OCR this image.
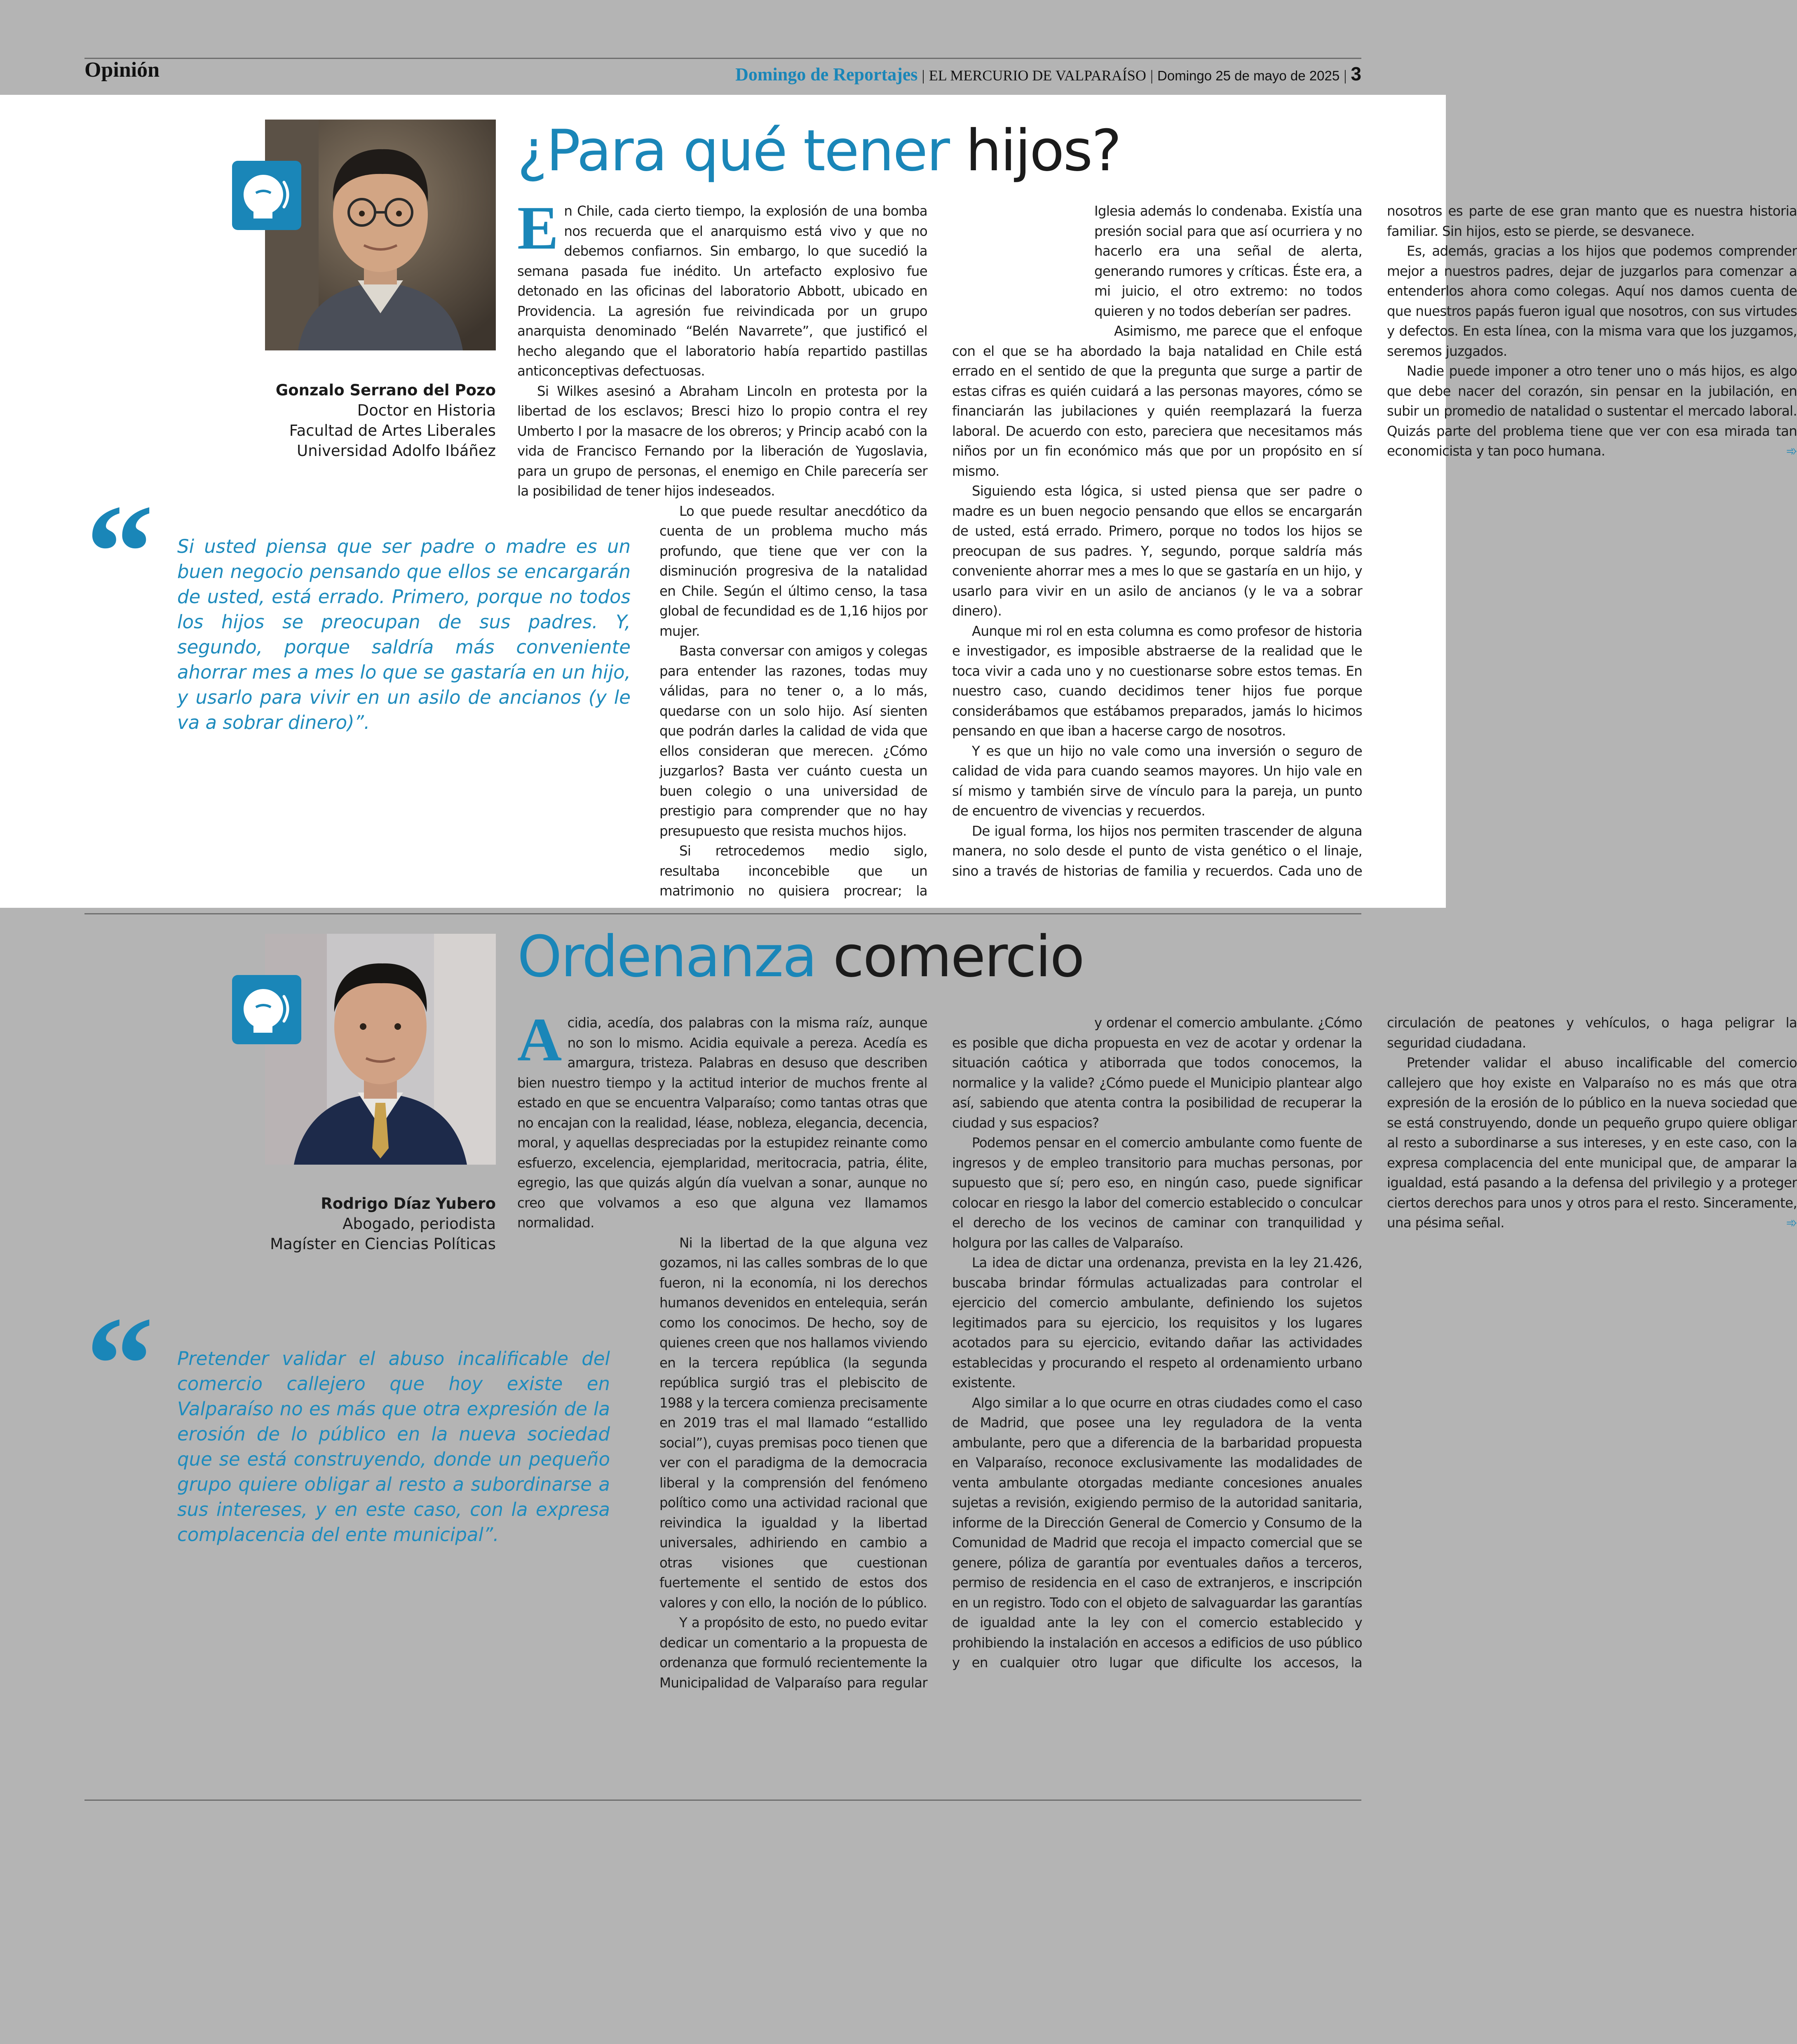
Opinión	Domingo de Reportajes | EL MERCURIO DE VALPARAÍSO | Domingo 25 de mayo de 2025 | 3
¿Para qué tener hijos?
Gonzalo Serrano del Pozo
Doctor en Historia
Facultad de Artes Liberales
Universidad Adolfo Ibáñez
“ Si usted piensa que ser padre o madre es un buen negocio pensando que ellos se encargarán de usted, está errado. Primero, porque no todos los hijos se preocupan de sus padres. Y, segundo, porque saldría más conveniente ahorrar mes a mes lo que se gastaría en un hijo, y usarlo para vivir en un asilo de ancianos (y le va a sobrar dinero)”.

En Chile, cada cierto tiempo, la explosión de una bomba nos recuerda que el anarquismo está vivo y que no debemos confiarnos. Sin embargo, lo que sucedió la semana pasada fue inédito. Un artefacto explosivo fue detonado en las oficinas del laboratorio Abbott, ubicado en Providencia. La agresión fue reivindicada por un grupo anarquista denominado “Belén Navarrete”, que justificó el hecho alegando que el laboratorio había repartido pastillas anticonceptivas defectuosas.

Si Wilkes asesinó a Abraham Lincoln en protesta por la libertad de los esclavos; Bresci hizo lo propio contra el rey Umberto I por la masacre de los obreros; y Princip acabó con la vida de Francisco Fernando por la liberación de Yugoslavia, para un grupo de personas, el enemigo en Chile parecería ser la posibilidad de tener hijos indeseados.

Lo que puede resultar anecdótico da cuenta de un problema mucho más profundo, que tiene que ver con la disminución progresiva de la natalidad en Chile. Según el último censo, la tasa global de fecundidad es de 1,16 hijos por mujer.

Basta conversar con amigos y colegas para entender las razones, todas muy válidas, para no tener o, a lo más, quedarse con un solo hijo. Así sienten que podrán darles la calidad de vida que ellos consideran que merecen. ¿Cómo juzgarlos? Basta ver cuánto cuesta un buen colegio o una universidad de prestigio para comprender que no hay presupuesto que resista muchos hijos.

Si retrocedemos medio siglo, resultaba inconcebible que un matrimonio no quisiera procrear; la Iglesia además lo condenaba. Existía una presión social para que así ocurriera y no hacerlo era una señal de alerta, generando rumores y críticas. Éste era, a mi juicio, el otro extremo: no todos quieren y no todos deberían ser padres.

Asimismo, me parece que el enfoque con el que se ha abordado la baja natalidad en Chile está errado en el sentido de que la pregunta que surge a partir de estas cifras es quién cuidará a las personas mayores, cómo se financiarán las jubilaciones y quién reemplazará la fuerza laboral. De acuerdo con esto, pareciera que necesitamos más niños por un fin económico más que por un propósito en sí mismo.

Siguiendo esta lógica, si usted piensa que ser padre o madre es un buen negocio pensando que ellos se encargarán de usted, está errado. Primero, porque no todos los hijos se preocupan de sus padres. Y, segundo, porque saldría más conveniente ahorrar mes a mes lo que se gastaría en un hijo, y usarlo para vivir en un asilo de ancianos (y le va a sobrar dinero).

Aunque mi rol en esta columna es como profesor de historia e investigador, es imposible abstraerse de la realidad que le toca vivir a cada uno y no cuestionarse sobre estos temas. En nuestro caso, cuando decidimos tener hijos fue porque considerábamos que estábamos preparados, jamás lo hicimos pensando en que iban a hacerse cargo de nosotros.

Y es que un hijo no vale como una inversión o seguro de calidad de vida para cuando seamos mayores. Un hijo vale en sí mismo y también sirve de vínculo para la pareja, un punto de encuentro de vivencias y recuerdos.

De igual forma, los hijos nos permiten trascender de alguna manera, no solo desde el punto de vista genético o el linaje, sino a través de historias de familia y recuerdos. Cada uno de nosotros es parte de ese gran manto que es nuestra historia familiar. Sin hijos, esto se pierde, se desvanece.

Es, además, gracias a los hijos que podemos comprender mejor a nuestros padres, dejar de juzgarlos para comenzar a entenderlos ahora como colegas. Aquí nos damos cuenta de que nuestros papás fueron igual que nosotros, con sus virtudes y defectos. En esta línea, con la misma vara que los juzgamos, seremos juzgados.

Nadie puede imponer a otro tener uno o más hijos, es algo que debe nacer del corazón, sin pensar en la jubilación, en subir un promedio de natalidad o sustentar el mercado laboral. Quizás parte del problema tiene que ver con esa mirada tan economicista y tan poco humana.	➾

Ordenanza comercio
Rodrigo Díaz Yubero
Abogado, periodista
Magíster en Ciencias Políticas
“ Pretender validar el abuso incalificable del comercio callejero que hoy existe en Valparaíso no es más que otra expresión de la erosión de lo público en la nueva sociedad que se está construyendo, donde un pequeño grupo quiere obligar al resto a subordinarse a sus intereses, y en este caso, con la expresa complacencia del ente municipal”.

Acidia, acedía, dos palabras con la misma raíz, aunque no son lo mismo. Acidia equivale a pereza. Acedía es amargura, tristeza. Palabras en desuso que describen bien nuestro tiempo y la actitud interior de muchos frente al estado en que se encuentra Valparaíso; como tantas otras que no encajan con la realidad, léase, nobleza, elegancia, decencia, moral, y aquellas despreciadas por la estupidez reinante como esfuerzo, excelencia, ejemplaridad, meritocracia, patria, élite, egregio, las que quizás algún día vuelvan a sonar, aunque no creo que volvamos a eso que alguna vez llamamos normalidad.

Ni la libertad de la que alguna vez gozamos, ni las calles sombras de lo que fueron, ni la economía, ni los derechos humanos devenidos en entelequia, serán como los conocimos. De hecho, soy de quienes creen que nos hallamos viviendo en la tercera república (la segunda república surgió tras el plebiscito de 1988 y la tercera comienza precisamente en 2019 tras el mal llamado “estallido social”), cuyas premisas poco tienen que ver con el paradigma de la democracia liberal y la comprensión del fenómeno político como una actividad racional que reivindica la igualdad y la libertad universales, adhiriendo en cambio a otras visiones que cuestionan fuertemente el sentido de estos dos valores y con ello, la noción de lo público.

Y a propósito de esto, no puedo evitar dedicar un comentario a la propuesta de ordenanza que formuló recientemente la Municipalidad de Valparaíso para regular y ordenar el comercio ambulante. ¿Cómo es posible que dicha propuesta en vez de acotar y ordenar la situación caótica y atiborrada que todos conocemos, la normalice y la valide? ¿Cómo puede el Municipio plantear algo así, sabiendo que atenta contra la posibilidad de recuperar la ciudad y sus espacios?

Podemos pensar en el comercio ambulante como fuente de ingresos y de empleo transitorio para muchas personas, por supuesto que sí; pero eso, en ningún caso, puede significar colocar en riesgo la labor del comercio establecido o conculcar el derecho de los vecinos de caminar con tranquilidad y holgura por las calles de Valparaíso.

La idea de dictar una ordenanza, prevista en la ley 21.426, buscaba brindar fórmulas actualizadas para controlar el ejercicio del comercio ambulante, definiendo los sujetos legitimados para su ejercicio, los requisitos y los lugares acotados para su ejercicio, evitando dañar las actividades establecidas y procurando el respeto al ordenamiento urbano existente.

Algo similar a lo que ocurre en otras ciudades como el caso de Madrid, que posee una ley reguladora de la venta ambulante, pero que a diferencia de la barbaridad propuesta en Valparaíso, reconoce exclusivamente las modalidades de venta ambulante otorgadas mediante concesiones anuales sujetas a revisión, exigiendo permiso de la autoridad sanitaria, informe de la Dirección General de Comercio y Consumo de la Comunidad de Madrid que recoja el impacto comercial que se genere, póliza de garantía por eventuales daños a terceros, permiso de residencia en el caso de extranjeros, e inscripción en un registro. Todo con el objeto de salvaguardar las garantías de igualdad ante la ley con el comercio establecido y prohibiendo la instalación en accesos a edificios de uso público y en cualquier otro lugar que dificulte los accesos, la circulación de peatones y vehículos, o haga peligrar la seguridad ciudadana.

Pretender validar el abuso incalificable del comercio callejero que hoy existe en Valparaíso no es más que otra expresión de la erosión de lo público en la nueva sociedad que se está construyendo, donde un pequeño grupo quiere obligar al resto a subordinarse a sus intereses, y en este caso, con la expresa complacencia del ente municipal que, de amparar la igualdad, está pasando a la defensa del privilegio y a proteger ciertos derechos para unos y otros para el resto. Sinceramente, una pésima señal.	➾
